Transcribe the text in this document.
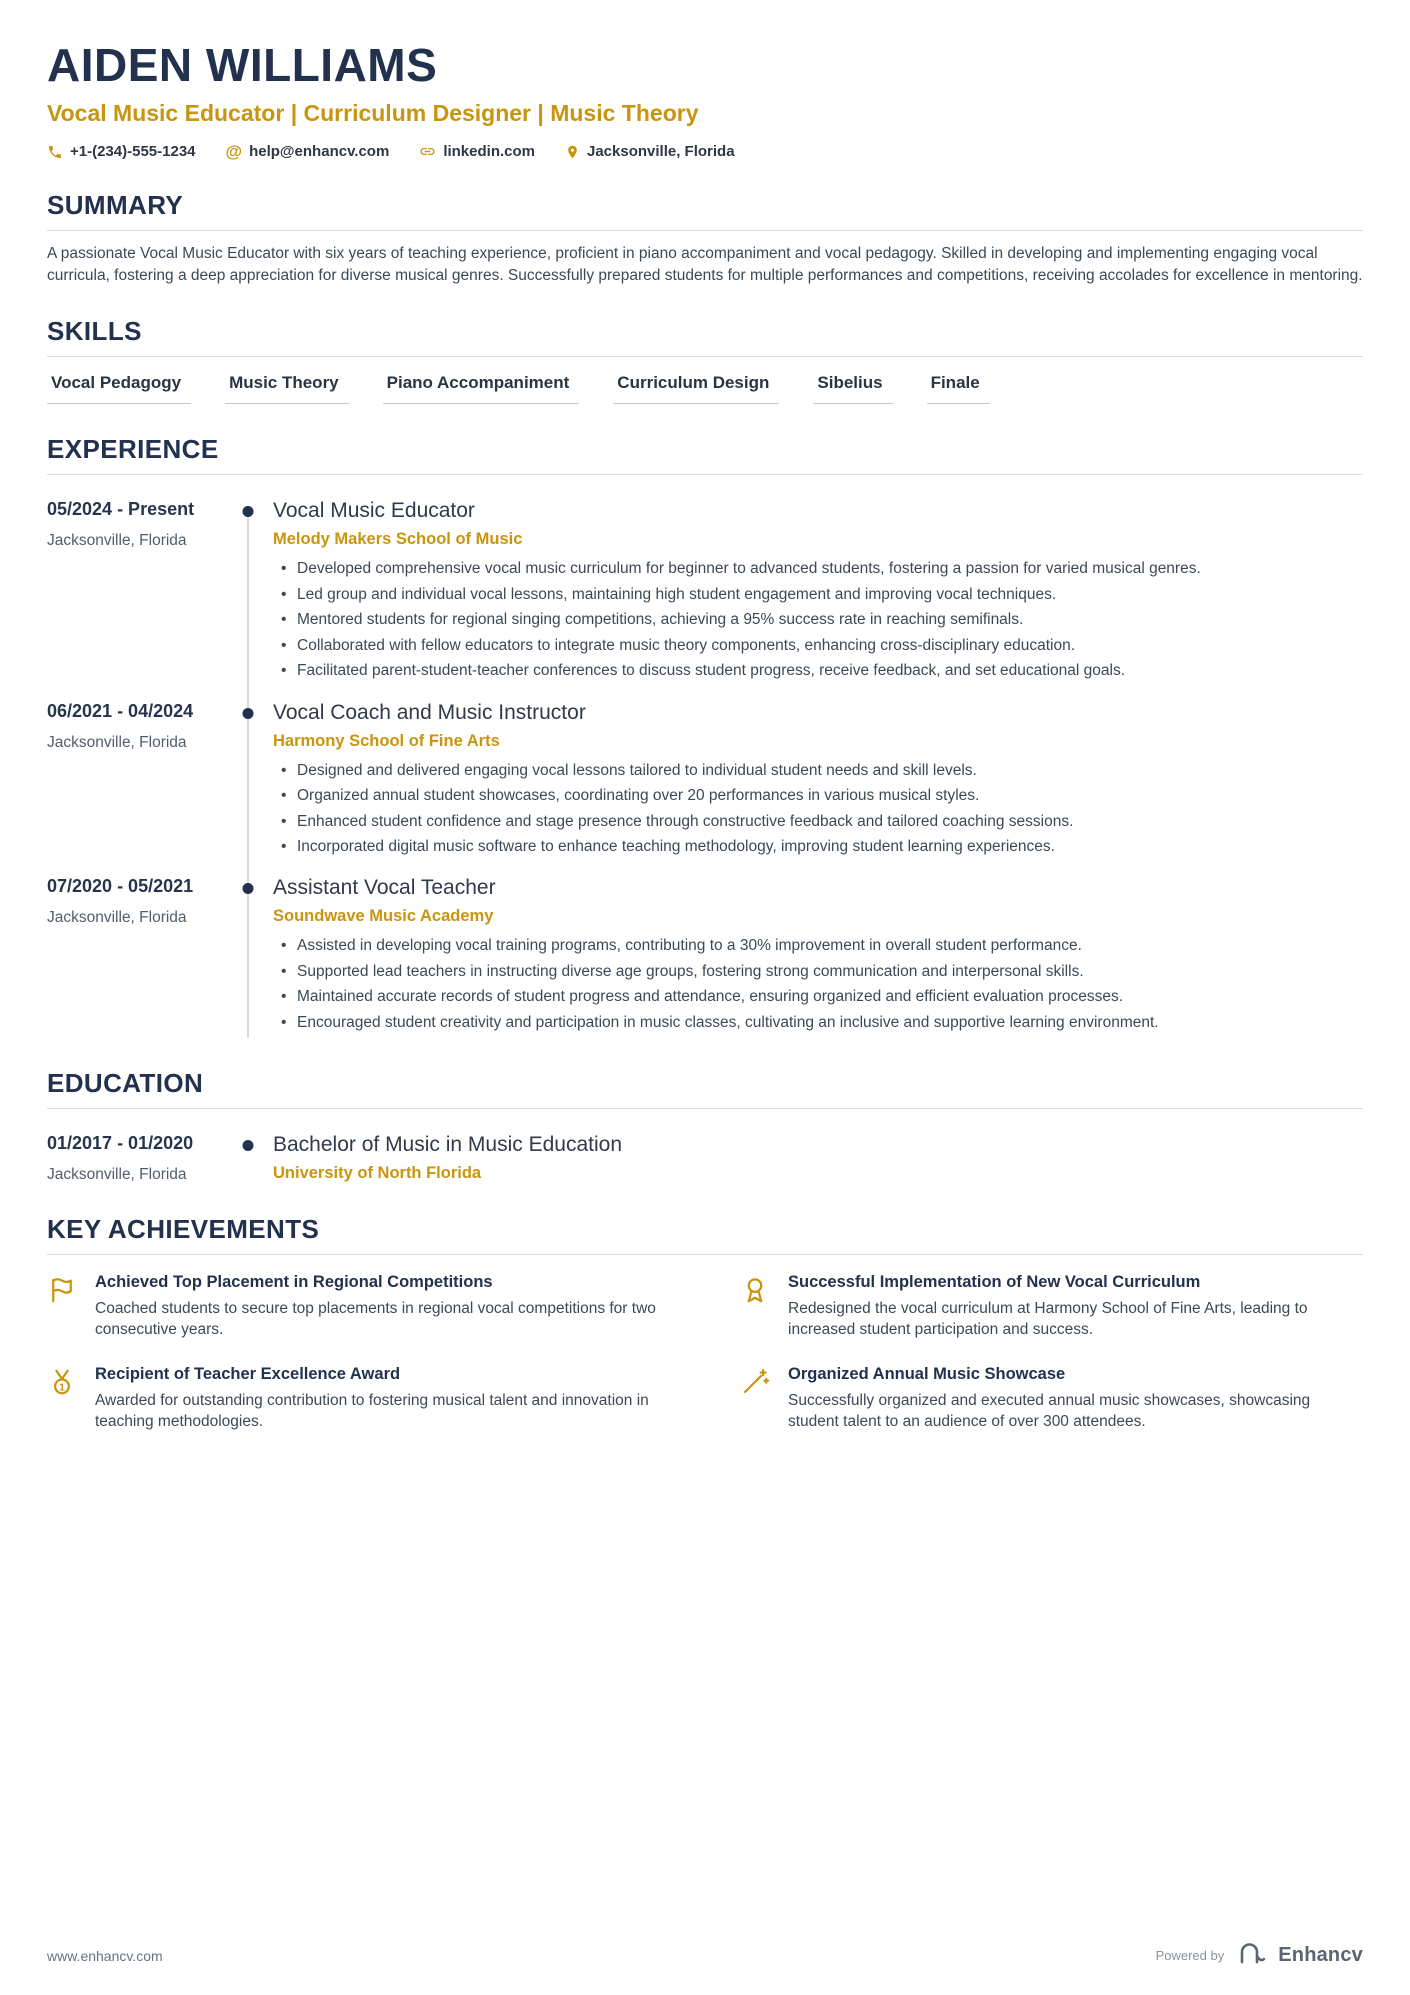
AIDEN WILLIAMS
Vocal Music Educator | Curriculum Designer | Music Theory
+1-(234)-555-1234 @ help@enhancv.com	linkedin.com	Jacksonville, Florida
SUMMARY

A passionate Vocal Music Educator with six years of teaching experience, proficient in piano accompaniment and vocal pedagogy. Skilled in developing and implementing engaging vocal curricula, fostering a deep appreciation for diverse musical genres. Successfully prepared students for multiple performances and competitions, receiving accolades for excellence in mentoring.

SKILLS
Vocal Pedagogy	Music Theory	Piano Accompaniment	Curriculum Design	Sibelius	Finale
EXPERIENCE
05/2024 - Present
Jacksonville, Florida
Vocal Music Educator
Melody Makers School of Music
• Developed comprehensive vocal music curriculum for beginner to advanced students, fostering a passion for varied musical genres.
• Led group and individual vocal lessons, maintaining high student engagement and improving vocal techniques.
• Mentored students for regional singing competitions, achieving a 95% success rate in reaching semifinals.
• Collaborated with fellow educators to integrate music theory components, enhancing cross-disciplinary education.
• Facilitated parent-student-teacher conferences to discuss student progress, receive feedback, and set educational goals.
06/2021 - 04/2024
Jacksonville, Florida
Vocal Coach and Music Instructor
Harmony School of Fine Arts
• Designed and delivered engaging vocal lessons tailored to individual student needs and skill levels.
• Organized annual student showcases, coordinating over 20 performances in various musical styles.
• Enhanced student confidence and stage presence through constructive feedback and tailored coaching sessions.
• Incorporated digital music software to enhance teaching methodology, improving student learning experiences.
07/2020 - 05/2021
Jacksonville, Florida
Assistant Vocal Teacher
Soundwave Music Academy
• Assisted in developing vocal training programs, contributing to a 30% improvement in overall student performance.
• Supported lead teachers in instructing diverse age groups, fostering strong communication and interpersonal skills.
• Maintained accurate records of student progress and attendance, ensuring organized and efficient evaluation processes.
• Encouraged student creativity and participation in music classes, cultivating an inclusive and supportive learning environment.
EDUCATION
01/2017 - 01/2020
Jacksonville, Florida
Bachelor of Music in Music Education
University of North Florida
KEY ACHIEVEMENTS
Achieved Top Placement in Regional Competitions
Coached students to secure top placements in regional vocal competitions for two consecutive years.
Successful Implementation of New Vocal Curriculum
Redesigned the vocal curriculum at Harmony School of Fine Arts, leading to increased student participation and success.
1
Recipient of Teacher Excellence Award
Awarded for outstanding contribution to fostering musical talent and innovation in teaching methodologies.
Organized Annual Music Showcase
Successfully organized and executed annual music showcases, showcasing student talent to an audience of over 300 attendees.
www.enhancv.com	Powered by	Enhancv
